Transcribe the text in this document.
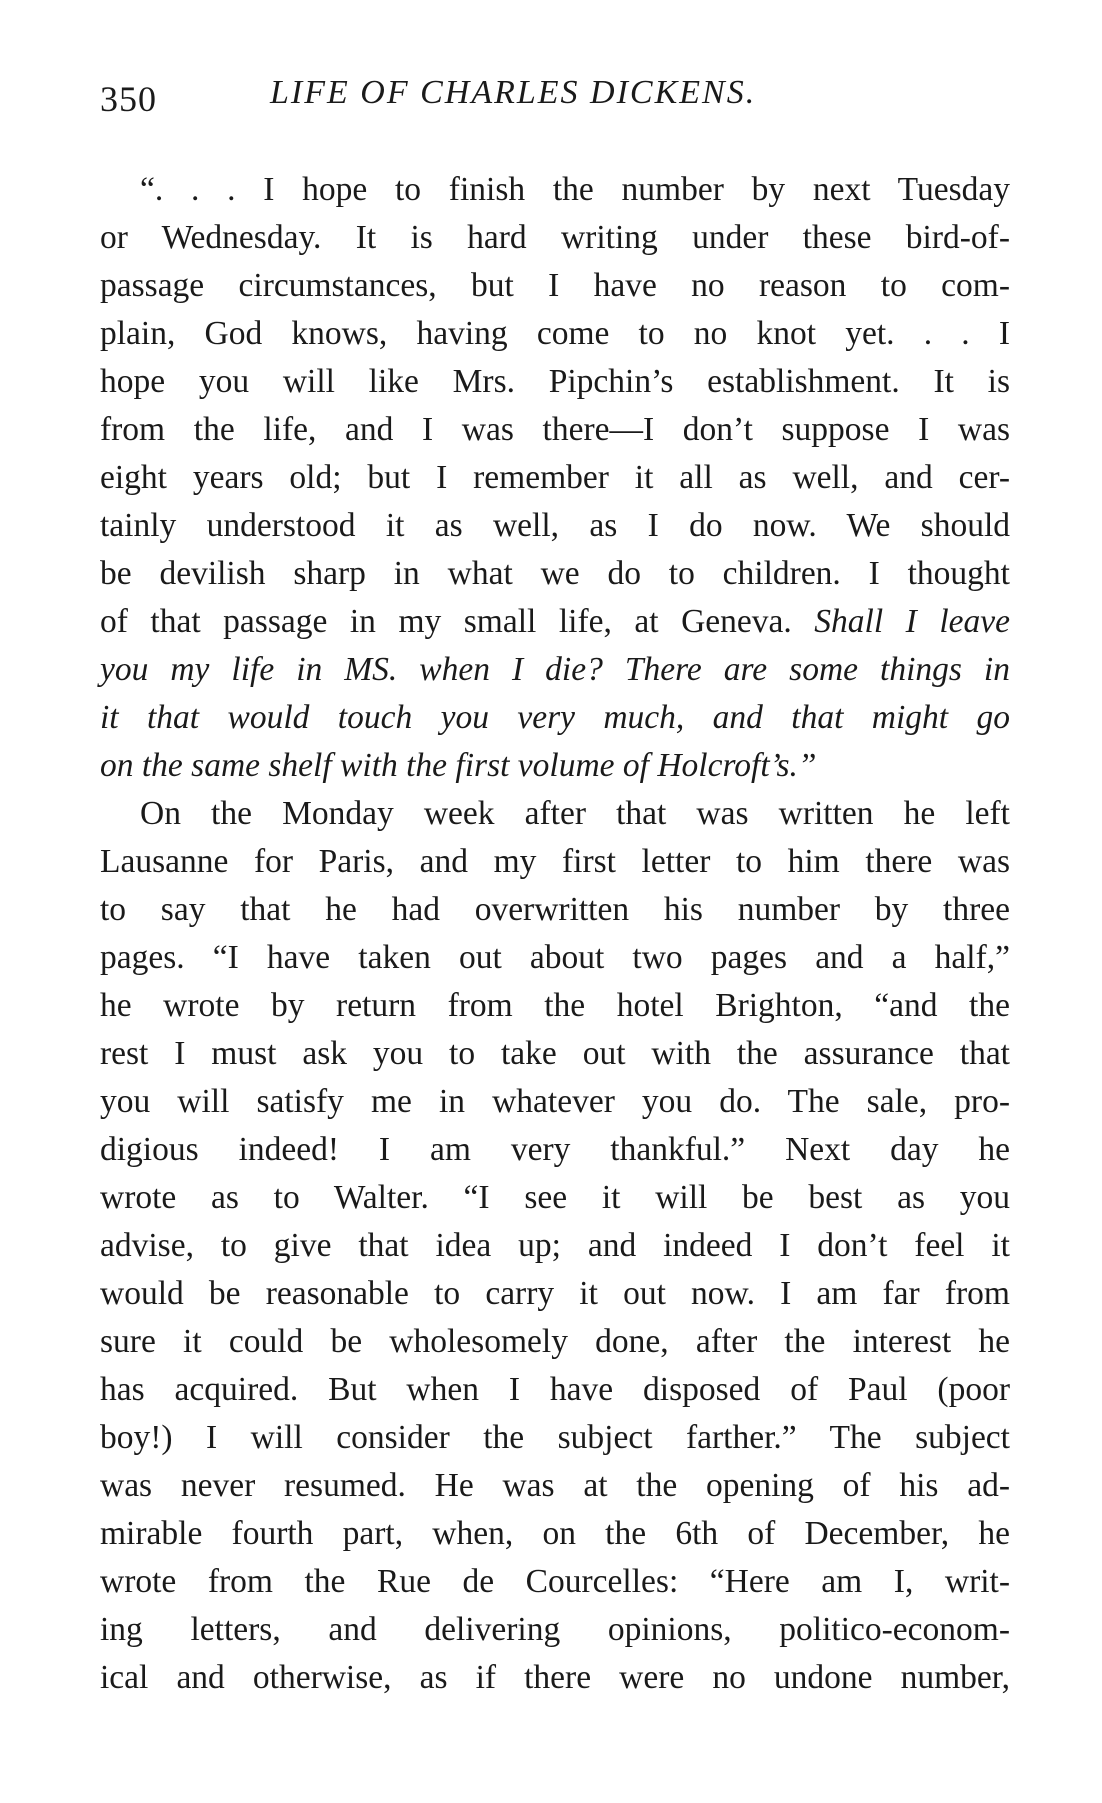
350	LIFE OF CHARLES DICKENS.
“. . . I hope to finish the number by next Tuesday
or Wednesday. It is hard writing under these bird-of-
passage circumstances, but I have no reason to com-
plain, God knows, having come to no knot yet. . . I
hope you will like Mrs. Pipchin’s establishment. It is
from the life, and I was there—I don’t suppose I was
eight years old; but I remember it all as well, and cer-
tainly understood it as well, as I do now. We should
be devilish sharp in what we do to children. I thought
of that passage in my small life, at Geneva. Shall I leave
you my life in MS. when I die? There are some things in
it that would touch you very much, and that might go
on the same shelf with the first volume of Holcroft’s.”
On the Monday week after that was written he left
Lausanne for Paris, and my first letter to him there was
to say that he had overwritten his number by three
pages. “I have taken out about two pages and a half,”
he wrote by return from the hotel Brighton, “and the
rest I must ask you to take out with the assurance that
you will satisfy me in whatever you do. The sale, pro-
digious indeed! I am very thankful.” Next day he
wrote as to Walter. “I see it will be best as you
advise, to give that idea up; and indeed I don’t feel it
would be reasonable to carry it out now. I am far from
sure it could be wholesomely done, after the interest he
has acquired. But when I have disposed of Paul (poor
boy!) I will consider the subject farther.” The subject
was never resumed. He was at the opening of his ad-
mirable fourth part, when, on the 6th of December, he
wrote from the Rue de Courcelles: “Here am I, writ-
ing letters, and delivering opinions, politico-econom-
ical and otherwise, as if there were no undone number,
